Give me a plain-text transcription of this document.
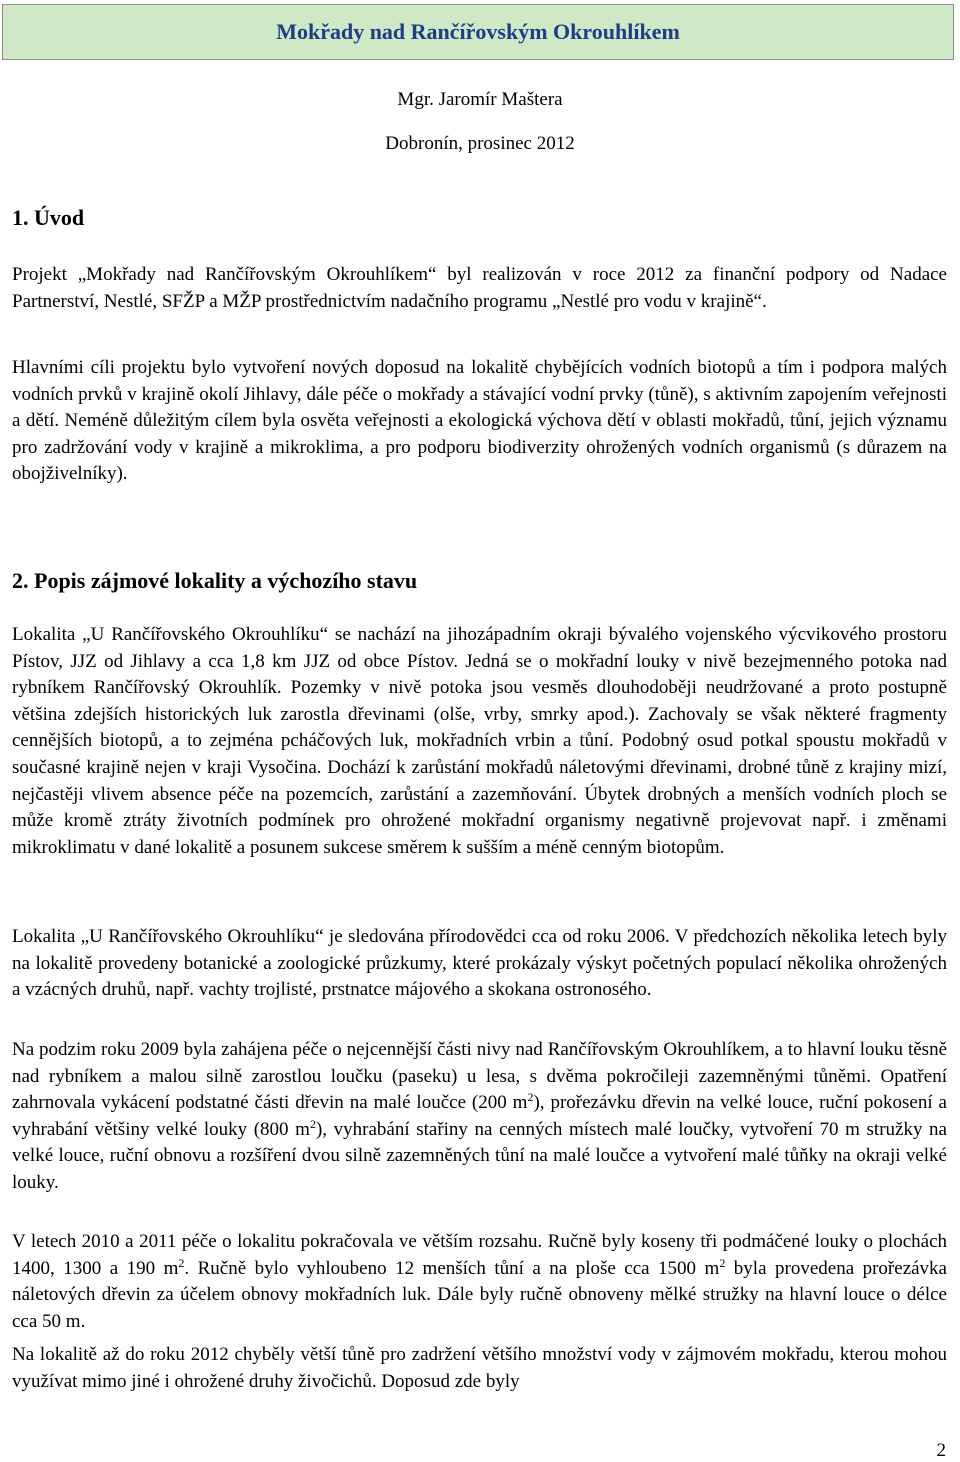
Mokřady nad Rančířovským Okrouhlíkem
Mgr. Jaromír Maštera
Dobronín, prosinec 2012
1. Úvod

Projekt „Mokřady nad Rančířovským Okrouhlíkem“ byl realizován v roce 2012 za finanční podpory od Nadace Partnerství, Nestlé, SFŽP a MŽP prostřednictvím nadačního programu „Nestlé pro vodu v krajině“.

Hlavními cíli projektu bylo vytvoření nových doposud na lokalitě chybějících vodních biotopů a tím i podpora malých vodních prvků v krajině okolí Jihlavy, dále péče o mokřady a stávající vodní prvky (tůně), s aktivním zapojením veřejnosti a dětí. Neméně důležitým cílem byla osvěta veřejnosti a ekologická výchova dětí v oblasti mokřadů, tůní, jejich významu pro zadržování vody v krajině a mikroklima, a pro podporu biodiverzity ohrožených vodních organismů (s důrazem na obojživelníky).

2. Popis zájmové lokality a výchozího stavu

Lokalita „U Rančířovského Okrouhlíku“ se nachází na jihozápadním okraji bývalého vojenského výcvikového prostoru Pístov, JJZ od Jihlavy a cca 1,8 km JJZ od obce Pístov. Jedná se o mokřadní louky v nivě bezejmenného potoka nad rybníkem Rančířovský Okrouhlík. Pozemky v nivě potoka jsou vesměs dlouhodoběji neudržované a proto postupně většina zdejších historických luk zarostla dřevinami (olše, vrby, smrky apod.). Zachovaly se však některé fragmenty cennějších biotopů, a to zejména pcháčových luk, mokřadních vrbin a tůní. Podobný osud potkal spoustu mokřadů v současné krajině nejen v kraji Vysočina. Dochází k zarůstání mokřadů náletovými dřevinami, drobné tůně z krajiny mizí, nejčastěji vlivem absence péče na pozemcích, zarůstání a zazemňování. Úbytek drobných a menších vodních ploch se může kromě ztráty životních podmínek pro ohrožené mokřadní organismy negativně projevovat např. i změnami mikroklimatu v dané lokalitě a posunem sukcese směrem k sušším a méně cenným biotopům.

Lokalita „U Rančířovského Okrouhlíku“ je sledována přírodovědci cca od roku 2006. V předchozích několika letech byly na lokalitě provedeny botanické a zoologické průzkumy, které prokázaly výskyt početných populací několika ohrožených a vzácných druhů, např. vachty trojlisté, prstnatce májového a skokana ostronosého.

Na podzim roku 2009 byla zahájena péče o nejcennější části nivy nad Rančířovským Okrouhlíkem, a to hlavní louku těsně nad rybníkem a malou silně zarostlou loučku (paseku) u lesa, s dvěma pokročileji zazemněnými tůněmi. Opatření zahrnovala vykácení podstatné části dřevin na malé loučce (200 $m^2$), prořezávku dřevin na velké louce, ruční pokosení a vyhrabání většiny velké louky (800 $m^2$), vyhrabání stařiny na cenných místech malé loučky, vytvoření 70 m stružky na velké louce, ruční obnovu a rozšíření dvou silně zazemněných tůní na malé loučce a vytvoření malé tůňky na okraji velké louky.

V letech 2010 a 2011 péče o lokalitu pokračovala ve větším rozsahu. Ručně byly koseny tři podmáčené louky o plochách 1400, 1300 a 190 $m^2$. Ručně bylo vyhloubeno 12 menších tůní a na ploše cca 1500 $m^2$ byla provedena prořezávka náletových dřevin za účelem obnovy mokřadních luk. Dále byly ručně obnoveny mělké stružky na hlavní louce o délce cca 50 m.

Na lokalitě až do roku 2012 chyběly větší tůně pro zadržení většího množství vody v zájmovém mokřadu, kterou mohou využívat mimo jiné i ohrožené druhy živočichů. Doposud zde byly

2
